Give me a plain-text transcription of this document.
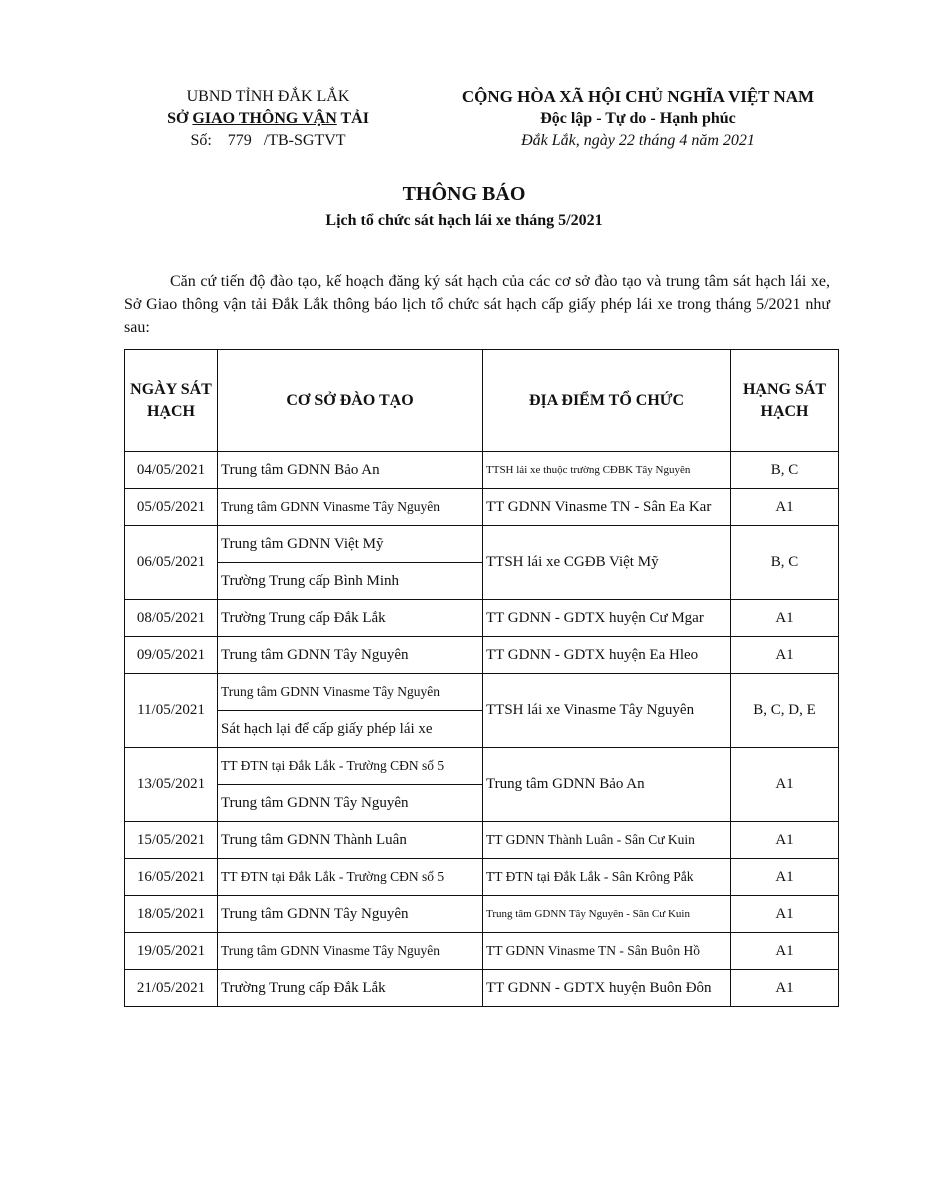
UBND TỈNH ĐẮK LẮK
SỞ GIAO THÔNG VẬN TẢI
Số:    779   /TB-SGTVT
CỘNG HÒA XÃ HỘI CHỦ NGHĨA VIỆT NAM
Độc lập - Tự do - Hạnh phúc
Đắk Lắk, ngày 22 tháng 4 năm 2021
THÔNG BÁO
Lịch tổ chức sát hạch lái xe tháng 5/2021
Căn cứ tiến độ đào tạo, kế hoạch đăng ký sát hạch của các cơ sở đào tạo và trung tâm sát hạch lái xe, Sở Giao thông vận tải Đắk Lắk thông báo lịch tổ chức sát hạch cấp giấy phép lái xe trong tháng 5/2021 như sau:
NGÀY SÁT HẠCH	CƠ SỞ ĐÀO TẠO	ĐỊA ĐIỂM TỔ CHỨC	HẠNG SÁT HẠCH
04/05/2021	Trung tâm GDNN Bảo An	TTSH lái xe thuộc trường CĐBK Tây Nguyên	B, C
05/05/2021	Trung tâm GDNN Vinasme Tây Nguyên	TT GDNN Vinasme TN - Sân Ea Kar	A1
06/05/2021	Trung tâm GDNN Việt Mỹ	TTSH lái xe CGĐB Việt Mỹ	B, C
	Trường Trung cấp Bình Minh		
08/05/2021	Trường Trung cấp Đắk Lắk	TT GDNN - GDTX huyện Cư Mgar	A1
09/05/2021	Trung tâm GDNN Tây Nguyên	TT GDNN - GDTX huyện Ea Hleo	A1
11/05/2021	Trung tâm GDNN Vinasme Tây Nguyên	TTSH lái xe Vinasme Tây Nguyên	B, C, D, E
	Sát hạch lại để cấp giấy phép lái xe		
13/05/2021	TT ĐTN tại Đắk Lắk - Trường CĐN số 5	Trung tâm GDNN Bảo An	A1
	Trung tâm GDNN Tây Nguyên		
15/05/2021	Trung tâm GDNN Thành Luân	TT GDNN Thành Luân - Sân Cư Kuin	A1
16/05/2021	TT ĐTN tại Đắk Lắk - Trường CĐN số 5	TT ĐTN tại Đắk Lắk - Sân Krông Pắk	A1
18/05/2021	Trung tâm GDNN Tây Nguyên	Trung tâm GDNN Tây Nguyên - Sân Cư Kuin	A1
19/05/2021	Trung tâm GDNN Vinasme Tây Nguyên	TT GDNN Vinasme TN - Sân Buôn Hồ	A1
21/05/2021	Trường Trung cấp Đắk Lắk	TT GDNN - GDTX huyện Buôn Đôn	A1
